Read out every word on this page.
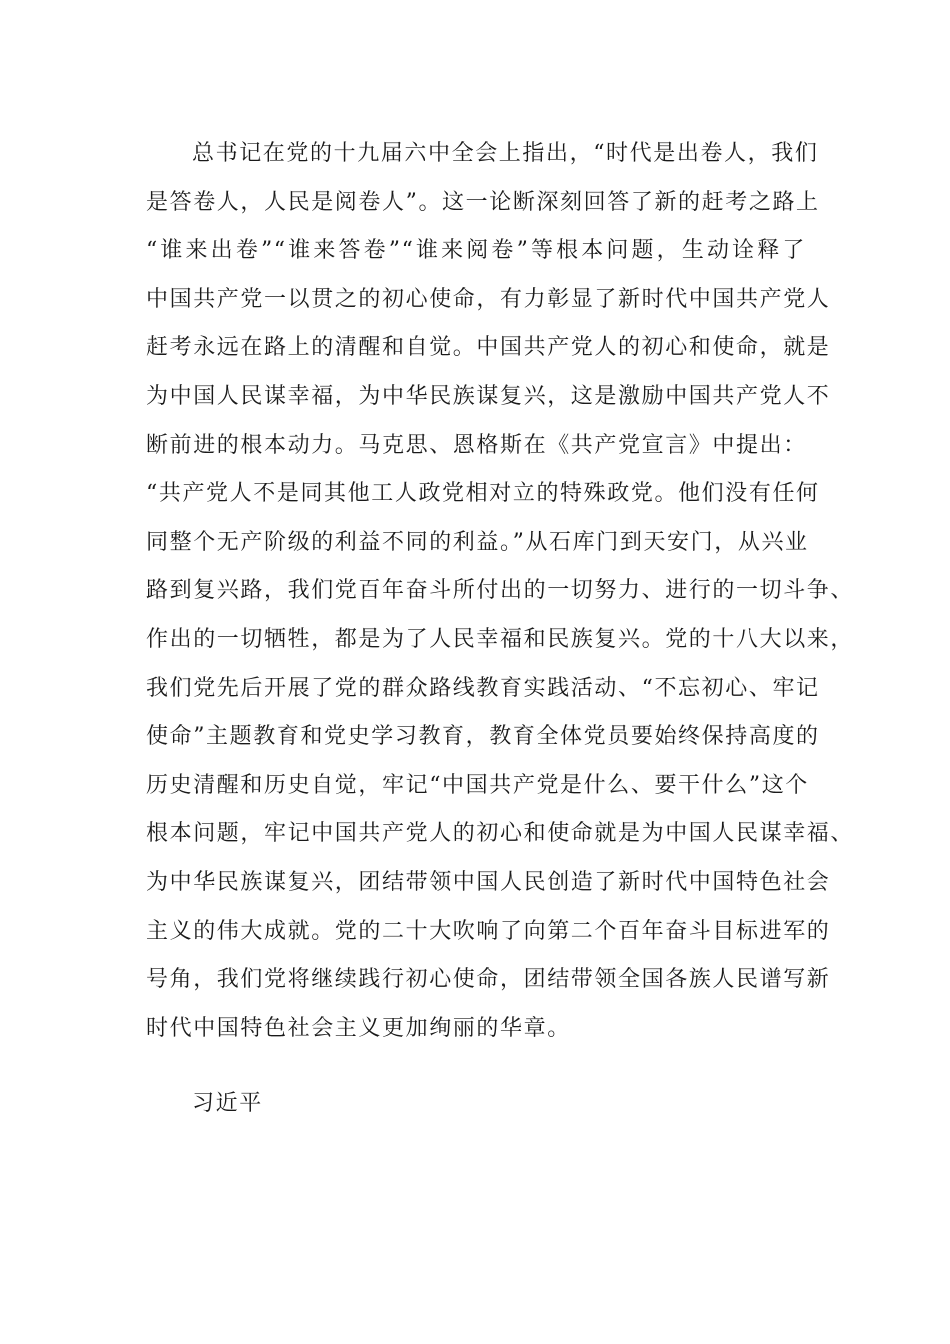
总书记在党的十九届六中全会上指出，“时代是出卷人，我们
是答卷人，人民是阅卷人”。这一论断深刻回答了新的赶考之路上
“谁来出卷”“谁来答卷”“谁来阅卷”等根本问题，生动诠释了
中国共产党一以贯之的初心使命，有力彰显了新时代中国共产党人
赶考永远在路上的清醒和自觉。中国共产党人的初心和使命，就是
为中国人民谋幸福，为中华民族谋复兴，这是激励中国共产党人不
断前进的根本动力。马克思、恩格斯在《共产党宣言》中提出：
“共产党人不是同其他工人政党相对立的特殊政党。他们没有任何
同整个无产阶级的利益不同的利益。”从石库门到天安门，从兴业
路到复兴路，我们党百年奋斗所付出的一切努力、进行的一切斗争、
作出的一切牺牲，都是为了人民幸福和民族复兴。党的十八大以来，
我们党先后开展了党的群众路线教育实践活动、“不忘初心、牢记
使命”主题教育和党史学习教育，教育全体党员要始终保持高度的
历史清醒和历史自觉，牢记“中国共产党是什么、要干什么”这个
根本问题，牢记中国共产党人的初心和使命就是为中国人民谋幸福、
为中华民族谋复兴，团结带领中国人民创造了新时代中国特色社会
主义的伟大成就。党的二十大吹响了向第二个百年奋斗目标进军的
号角，我们党将继续践行初心使命，团结带领全国各族人民谱写新
时代中国特色社会主义更加绚丽的华章。

习近平
